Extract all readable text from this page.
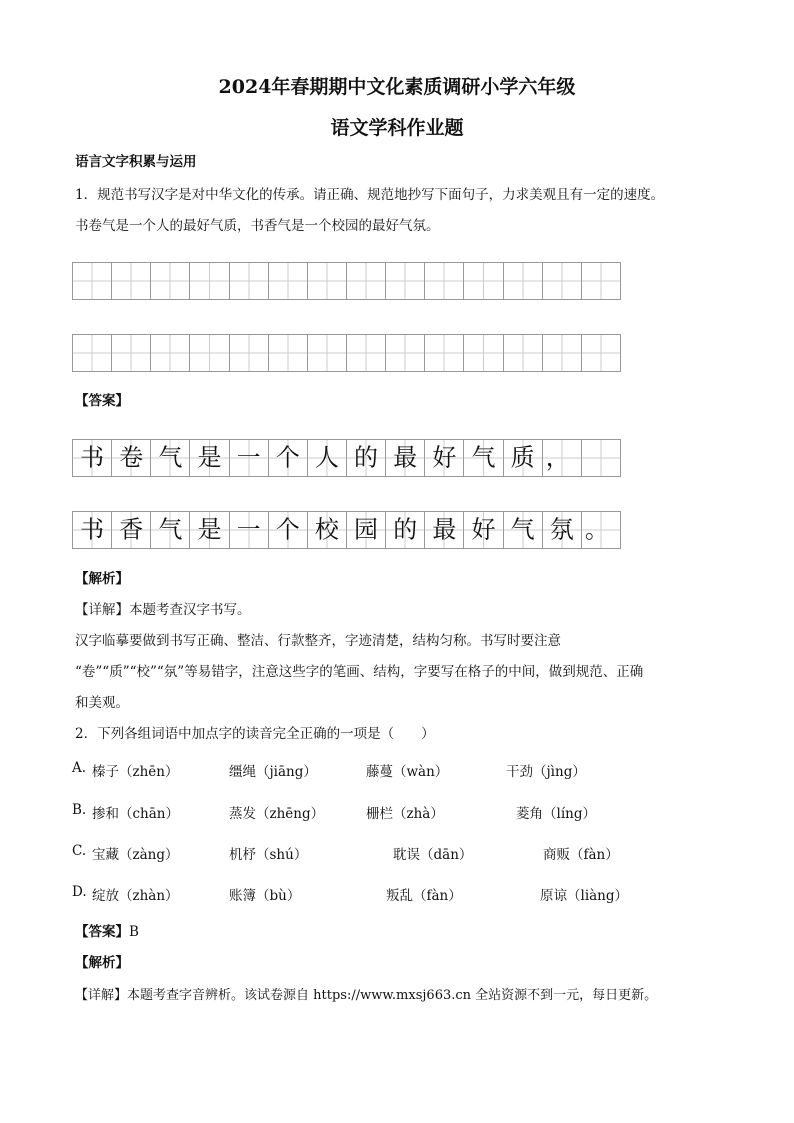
2024年春期期中文化素质调研小学六年级
语文学科作业题
语言文字积累与运用
1．规范书写汉字是对中华文化的传承。请正确、规范地抄写下面句子，力求美观且有一定的速度。
书卷气是一个人的最好气质，书香气是一个校园的最好气氛。
【答案】
书 卷 气 是 一 个 人 的 最 好 气 质 ，
书 香 气 是 一 个 校 园 的 最 好 气 氛 。
【解析】
【详解】本题考查汉字书写。
汉字临摹要做到书写正确、整洁、行款整齐，字迹清楚，结构匀称。书写时要注意
“卷”“质”“校”“氛”等易错字，注意这些字的笔画、结构，字要写在格子的中间，做到规范、正确
和美观。
2．下列各组词语中加点字的读音完全正确的一项是（　　）
A. 榛子（zhēn）	缰绳（jiāng）	藤蔓（wàn）	干劲（jìng）
B. 掺和（chān）	蒸发（zhēng）	栅栏（zhà）	菱角（líng）
C. 宝藏（zàng）	机杼（shú）	耽误（dān）	商贩（fàn）
D. 绽放（zhàn）	账簿（bù）	叛乱（fàn）	原谅（liàng）
【答案】B
【解析】
【详解】本题考查字音辨析。该试卷源自 https://www.mxsj663.cn 全站资源不到一元，每日更新。
